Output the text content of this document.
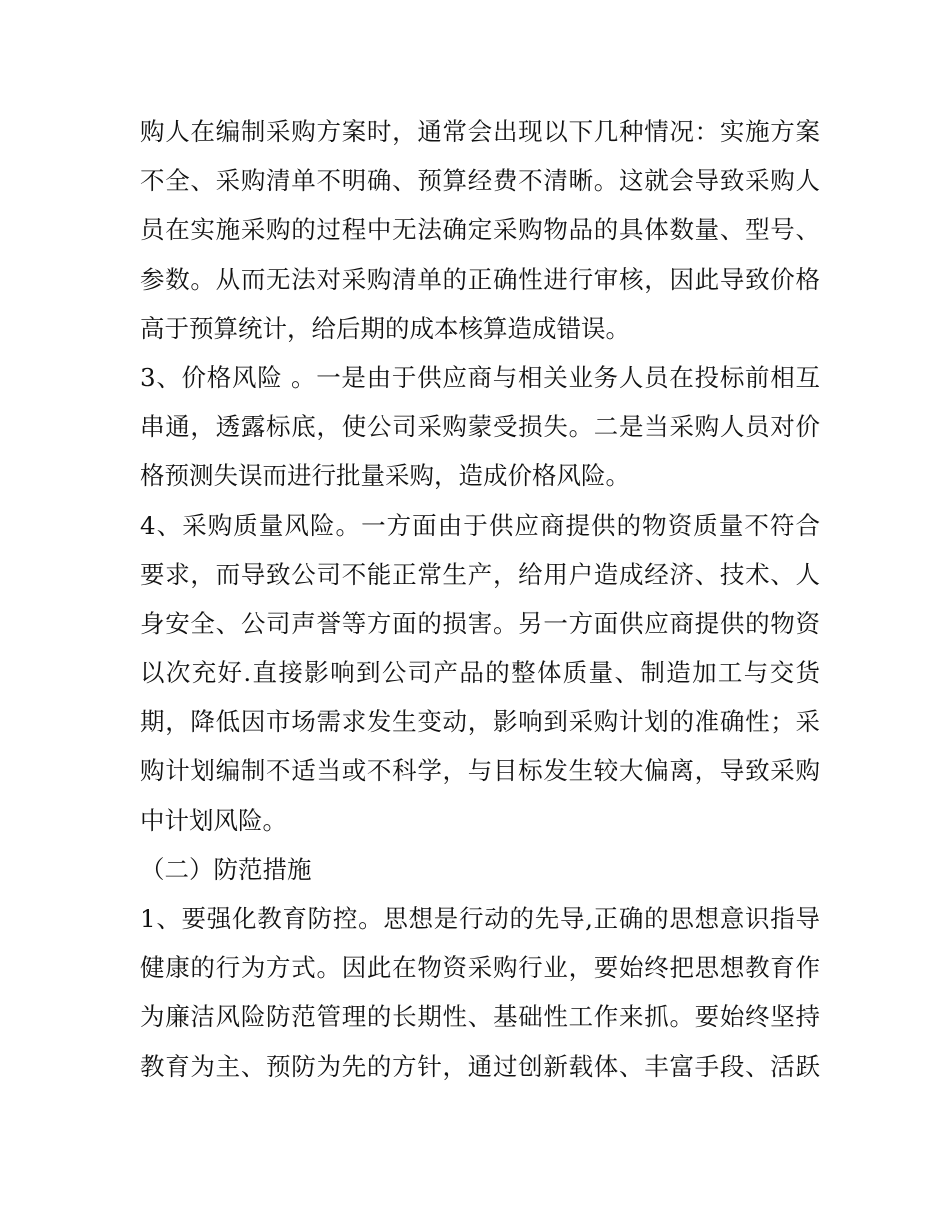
购人在编制采购方案时，通常会出现以下几种情况：实施方案
不全、采购清单不明确、预算经费不清晰。这就会导致采购人
员在实施采购的过程中无法确定采购物品的具体数量、型号、
参数。从而无法对采购清单的正确性进行审核，因此导致价格
高于预算统计，给后期的成本核算造成错误。
3、价格风险 。一是由于供应商与相关业务人员在投标前相互
串通，透露标底，使公司采购蒙受损失。二是当采购人员对价
格预测失误而进行批量采购，造成价格风险。
4、采购质量风险。一方面由于供应商提供的物资质量不符合
要求，而导致公司不能正常生产，给用户造成经济、技术、人
身安全、公司声誉等方面的损害。另一方面供应商提供的物资
以次充好.直接影响到公司产品的整体质量、制造加工与交货
期，降低因市场需求发生变动，影响到采购计划的准确性；采
购计划编制不适当或不科学，与目标发生较大偏离，导致采购
中计划风险。
（二）防范措施
1、要强化教育防控。思想是行动的先导,正确的思想意识指导
健康的行为方式。因此在物资采购行业，要始终把思想教育作
为廉洁风险防范管理的长期性、基础性工作来抓。要始终坚持
教育为主、预防为先的方针，通过创新载体、丰富手段、活跃
